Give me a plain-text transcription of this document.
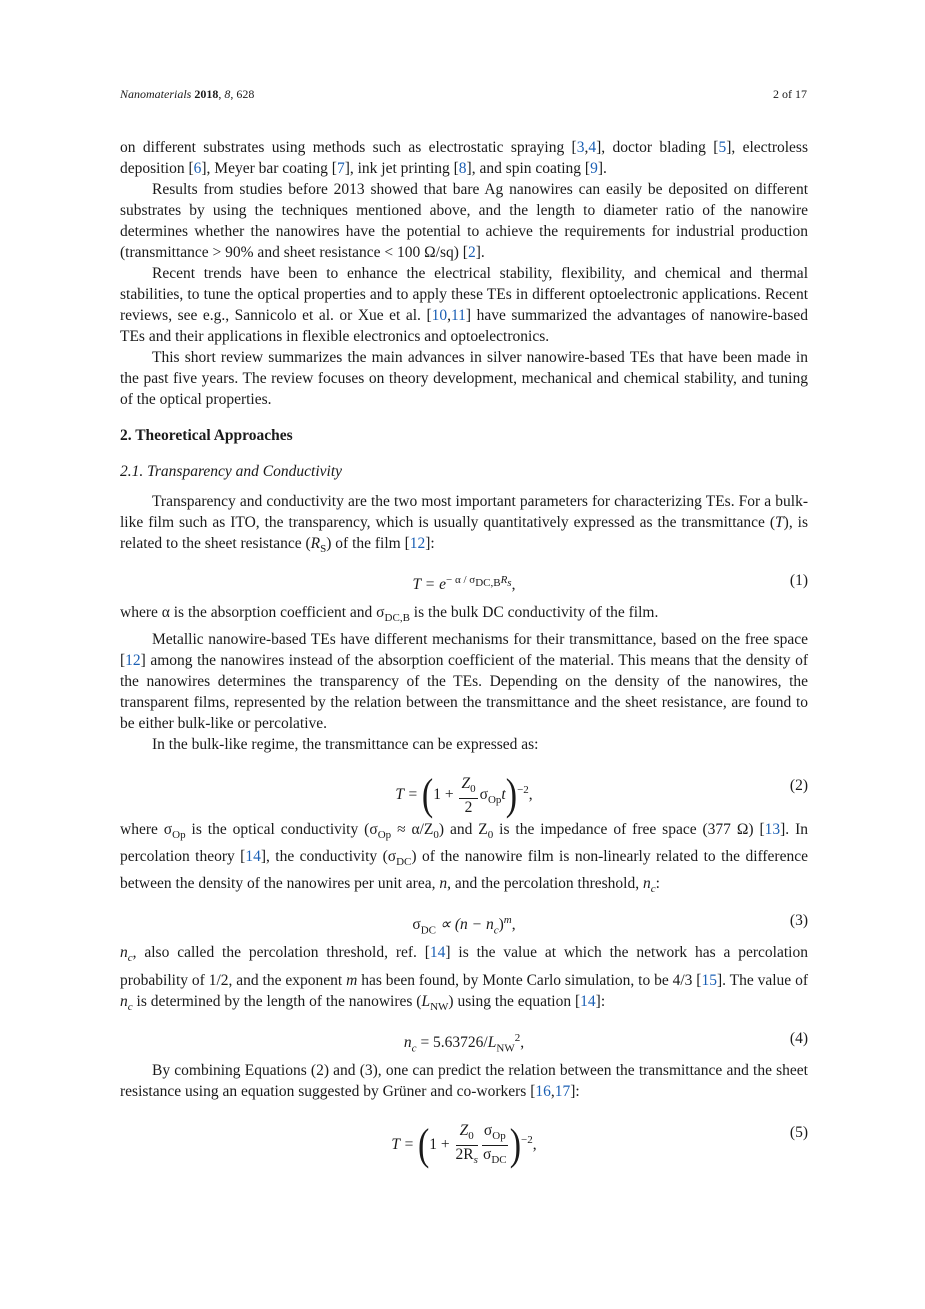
Nanomaterials 2018, 8, 628	2 of 17

on different substrates using methods such as electrostatic spraying [3,4], doctor blading [5], electroless deposition [6], Meyer bar coating [7], ink jet printing [8], and spin coating [9].

Results from studies before 2013 showed that bare Ag nanowires can easily be deposited on different substrates by using the techniques mentioned above, and the length to diameter ratio of the nanowire determines whether the nanowires have the potential to achieve the requirements for industrial production (transmittance > 90% and sheet resistance < 100 Ω/sq) [2].

Recent trends have been to enhance the electrical stability, flexibility, and chemical and thermal stabilities, to tune the optical properties and to apply these TEs in different optoelectronic applications. Recent reviews, see e.g., Sannicolo et al. or Xue et al. [10,11] have summarized the advantages of nanowire-based TEs and their applications in flexible electronics and optoelectronics.

This short review summarizes the main advances in silver nanowire-based TEs that have been made in the past five years. The review focuses on theory development, mechanical and chemical stability, and tuning of the optical properties.

2. Theoretical Approaches
2.1. Transparency and Conductivity

Transparency and conductivity are the two most important parameters for characterizing TEs. For a bulk-like film such as ITO, the transparency, which is usually quantitatively expressed as the transmittance (T), is related to the sheet resistance $(R_S)$ of the film [12]:

$T = e^{- \alpha / \sigma_{DC,B}R_s}$,	(1)

where α is the absorption coefficient and $\sigma_{DC,B}$ is the bulk DC conductivity of the film.

Metallic nanowire-based TEs have different mechanisms for their transmittance, based on the free space [12] among the nanowires instead of the absorption coefficient of the material. This means that the density of the nanowires determines the transparency of the TEs. Depending on the density of the nanowires, the transparent films, represented by the relation between the transmittance and the sheet resistance, are found to be either bulk-like or percolative.

In the bulk-like regime, the transmittance can be expressed as:

$T = (1 + \frac{Z_0}{2} \sigma_{Op}t)^{-2}$,
(2)

where $\sigma_{Op}$ is the optical conductivity $(\sigma_{Op} \approx \alpha/Z_0)$ and $Z_0$ is the impedance of free space (377 Ω) [13]. In percolation theory [14], the conductivity $(\sigma_{DC})$ of the nanowire film is non-linearly related to the difference between the density of the nanowires per unit area, n, and the percolation threshold, $n_c$:

$\sigma_{DC} \propto (n - n_c)^m$,	(3)

$n_c$, also called the percolation threshold, ref. [14] is the value at which the network has a percolation probability of 1/2, and the exponent m has been found, by Monte Carlo simulation, to be 4/3 [15]. The value of $n_c$ is determined by the length of the nanowires $(L_{NW})$ using the equation [14]:

$n_c = 5.63726/L_{NW}^2$,	(4)

By combining Equations (2) and (3), one can predict the relation between the transmittance and the sheet resistance using an equation suggested by Grüner and co-workers [16,17]:

$T = (1 + \frac{Z_0}{2R_s} \frac{\sigma_{Op}}{\sigma_{DC}} )^{-2}$,
(5)
